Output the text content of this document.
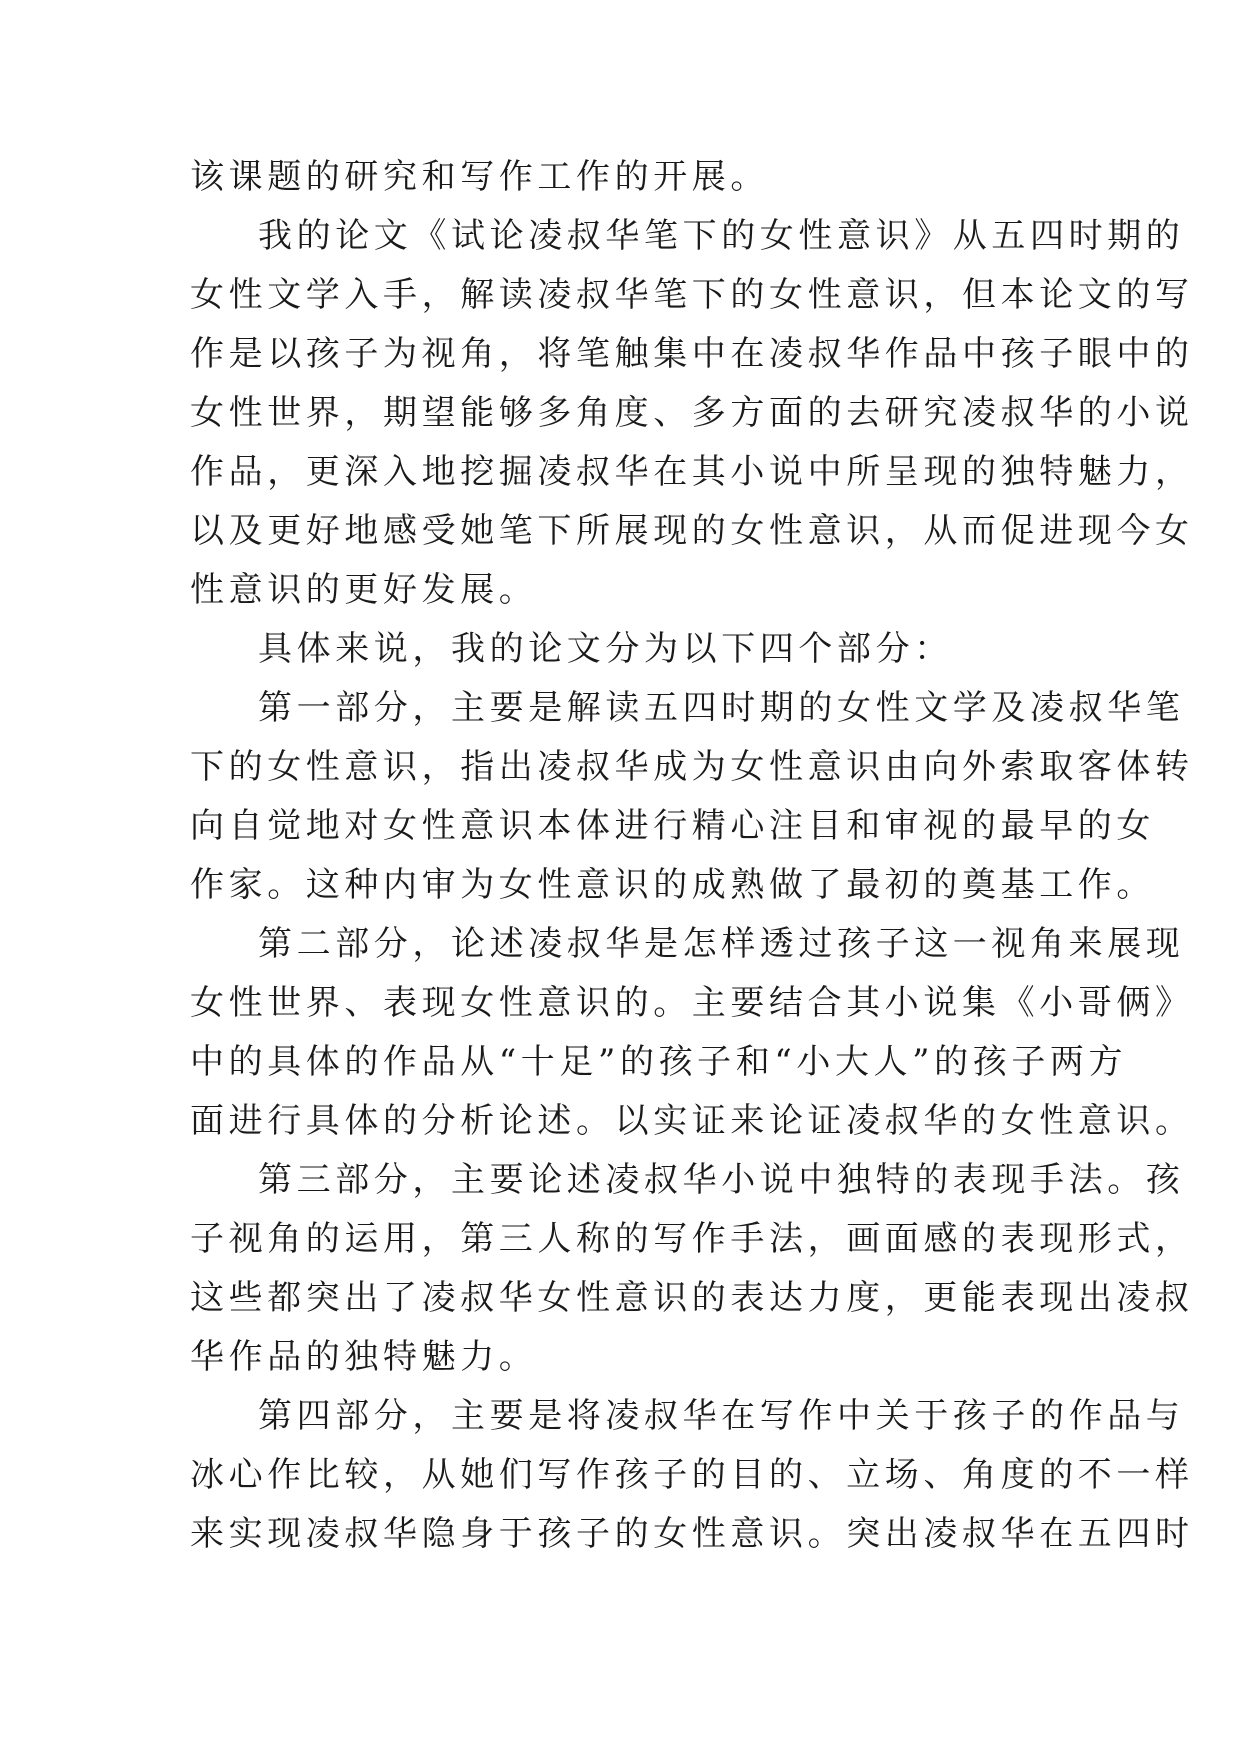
该课题的研究和写作工作的开展。
我的论文《试论凌叔华笔下的女性意识》从五四时期的
女性文学入手，解读凌叔华笔下的女性意识，但本论文的写
作是以孩子为视角，将笔触集中在凌叔华作品中孩子眼中的
女性世界，期望能够多角度、多方面的去研究凌叔华的小说
作品，更深入地挖掘凌叔华在其小说中所呈现的独特魅力，
以及更好地感受她笔下所展现的女性意识，从而促进现今女
性意识的更好发展。
具体来说，我的论文分为以下四个部分：
第一部分，主要是解读五四时期的女性文学及凌叔华笔
下的女性意识，指出凌叔华成为女性意识由向外索取客体转
向自觉地对女性意识本体进行精心注目和审视的最早的女
作家。这种内审为女性意识的成熟做了最初的奠基工作。
第二部分，论述凌叔华是怎样透过孩子这一视角来展现
女性世界、表现女性意识的。主要结合其小说集《小哥俩》
中的具体的作品从“十足”的孩子和“小大人”的孩子两方
面进行具体的分析论述。以实证来论证凌叔华的女性意识。
第三部分，主要论述凌叔华小说中独特的表现手法。孩
子视角的运用，第三人称的写作手法，画面感的表现形式，
这些都突出了凌叔华女性意识的表达力度，更能表现出凌叔
华作品的独特魅力。
第四部分，主要是将凌叔华在写作中关于孩子的作品与
冰心作比较，从她们写作孩子的目的、立场、角度的不一样
来实现凌叔华隐身于孩子的女性意识。突出凌叔华在五四时
